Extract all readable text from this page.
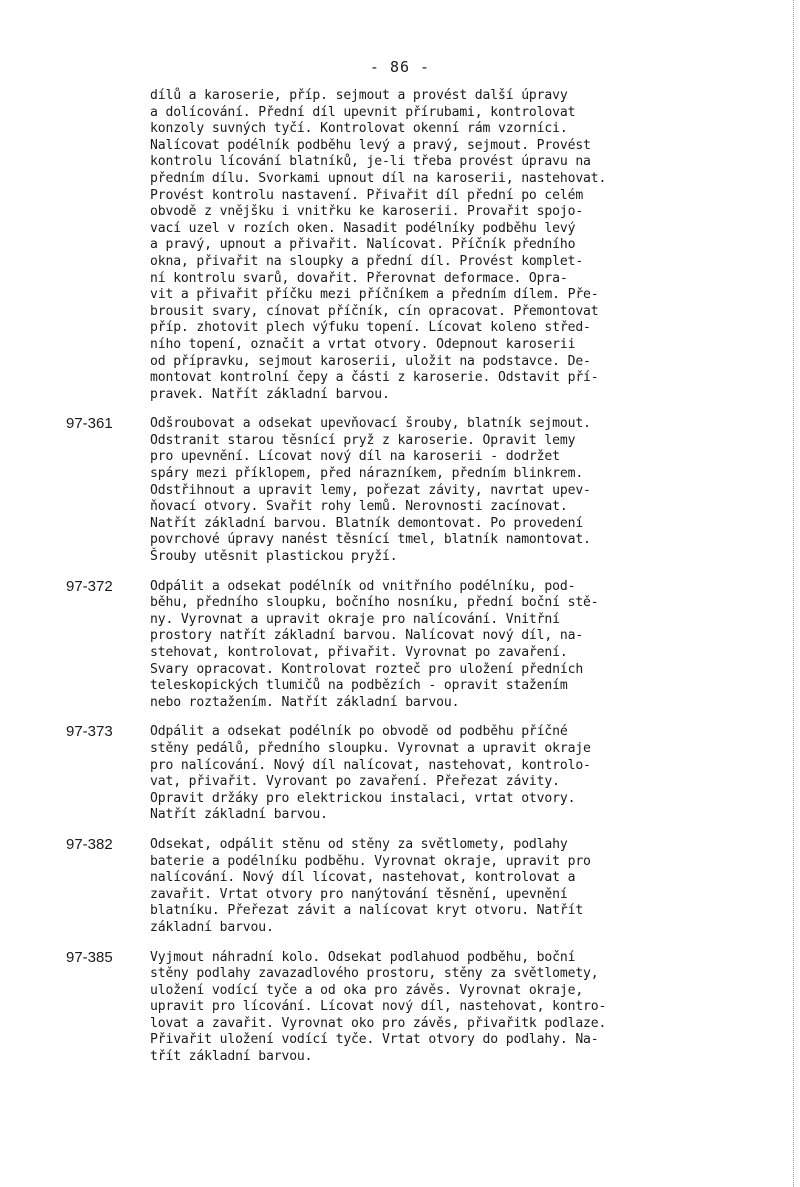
- 86 -
dílů a karoserie, příp. sejmout a provést další úpravy
a dolícování. Přední díl upevnit přírubami, kontrolovat
konzoly suvných tyčí. Kontrolovat okenní rám vzorníci.
Nalícovat podélník podběhu levý a pravý, sejmout. Provést
kontrolu lícování blatníků, je-li třeba provést úpravu na
předním dílu. Svorkami upnout díl na karoserii, nastehovat.
Provést kontrolu nastavení. Přivařit díl přední po celém
obvodě z vnějšku i vnitřku ke karoserii. Provařit spojo-
vací uzel v rozích oken. Nasadit podélníky podběhu levý
a pravý, upnout a přivařit. Nalícovat. Příčník předního
okna, přivařit na sloupky a přední díl. Provést komplet-
ní kontrolu svarů, dovařit. Přerovnat deformace. Opra-
vit a přivařit příčku mezi příčníkem a předním dílem. Pře-
brousit svary, cínovat příčník, cín opracovat. Přemontovat
příp. zhotovit plech výfuku topení. Lícovat koleno střed-
ního topení, označit a vrtat otvory. Odepnout karoserii
od přípravku, sejmout karoserii, uložit na podstavce. De-
montovat kontrolní čepy a části z karoserie. Odstavit pří-
pravek. Natřít základní barvou.
97-361	Odšroubovat a odsekat upevňovací šrouby, blatník sejmout.
Odstranit starou těsnící pryž z karoserie. Opravit lemy
pro upevnění. Lícovat nový díl na karoserii - dodržet
spáry mezi příklopem, před nárazníkem, předním blinkrem.
Odstřihnout a upravit lemy, pořezat závity, navrtat upev-
ňovací otvory. Svařit rohy lemů. Nerovnosti zacínovat.
Natřít základní barvou. Blatník demontovat. Po provedení
povrchové úpravy nanést těsnící tmel, blatník namontovat.
Šrouby utěsnit plastickou pryží.
97-372	Odpálit a odsekat podélník od vnitřního podélníku, pod-
běhu, předního sloupku, bočního nosníku, přední boční stě-
ny. Vyrovnat a upravit okraje pro nalícování. Vnitřní
prostory natřít základní barvou. Nalícovat nový díl, na-
stehovat, kontrolovat, přivařit. Vyrovnat po zavaření.
Svary opracovat. Kontrolovat rozteč pro uložení předních
teleskopických tlumičů na podbězích - opravit stažením
nebo roztažením. Natřít základní barvou.
97-373	Odpálit a odsekat podélník po obvodě od podběhu příčné
stěny pedálů, předního sloupku. Vyrovnat a upravit okraje
pro nalícování. Nový díl nalícovat, nastehovat, kontrolo-
vat, přivařit. Vyrovant po zavaření. Přeřezat závity.
Opravit držáky pro elektrickou instalaci, vrtat otvory.
Natřít základní barvou.
97-382	Odsekat, odpálit stěnu od stěny za světlomety, podlahy
baterie a podélníku podběhu. Vyrovnat okraje, upravit pro
nalícování. Nový díl lícovat, nastehovat, kontrolovat a
zavařit. Vrtat otvory pro nanýtování těsnění, upevnění
blatníku. Přeřezat závit a nalícovat kryt otvoru. Natřít
základní barvou.
97-385	Vyjmout náhradní kolo. Odsekat podlahuod podběhu, boční
stěny podlahy zavazadlového prostoru, stěny za světlomety,
uložení vodící tyče a od oka pro závěs. Vyrovnat okraje,
upravit pro lícování. Lícovat nový díl, nastehovat, kontro-
lovat a zavařit. Vyrovnat oko pro závěs, přivařitk podlaze.
Přivařit uložení vodící tyče. Vrtat otvory do podlahy. Na-
třít základní barvou.
